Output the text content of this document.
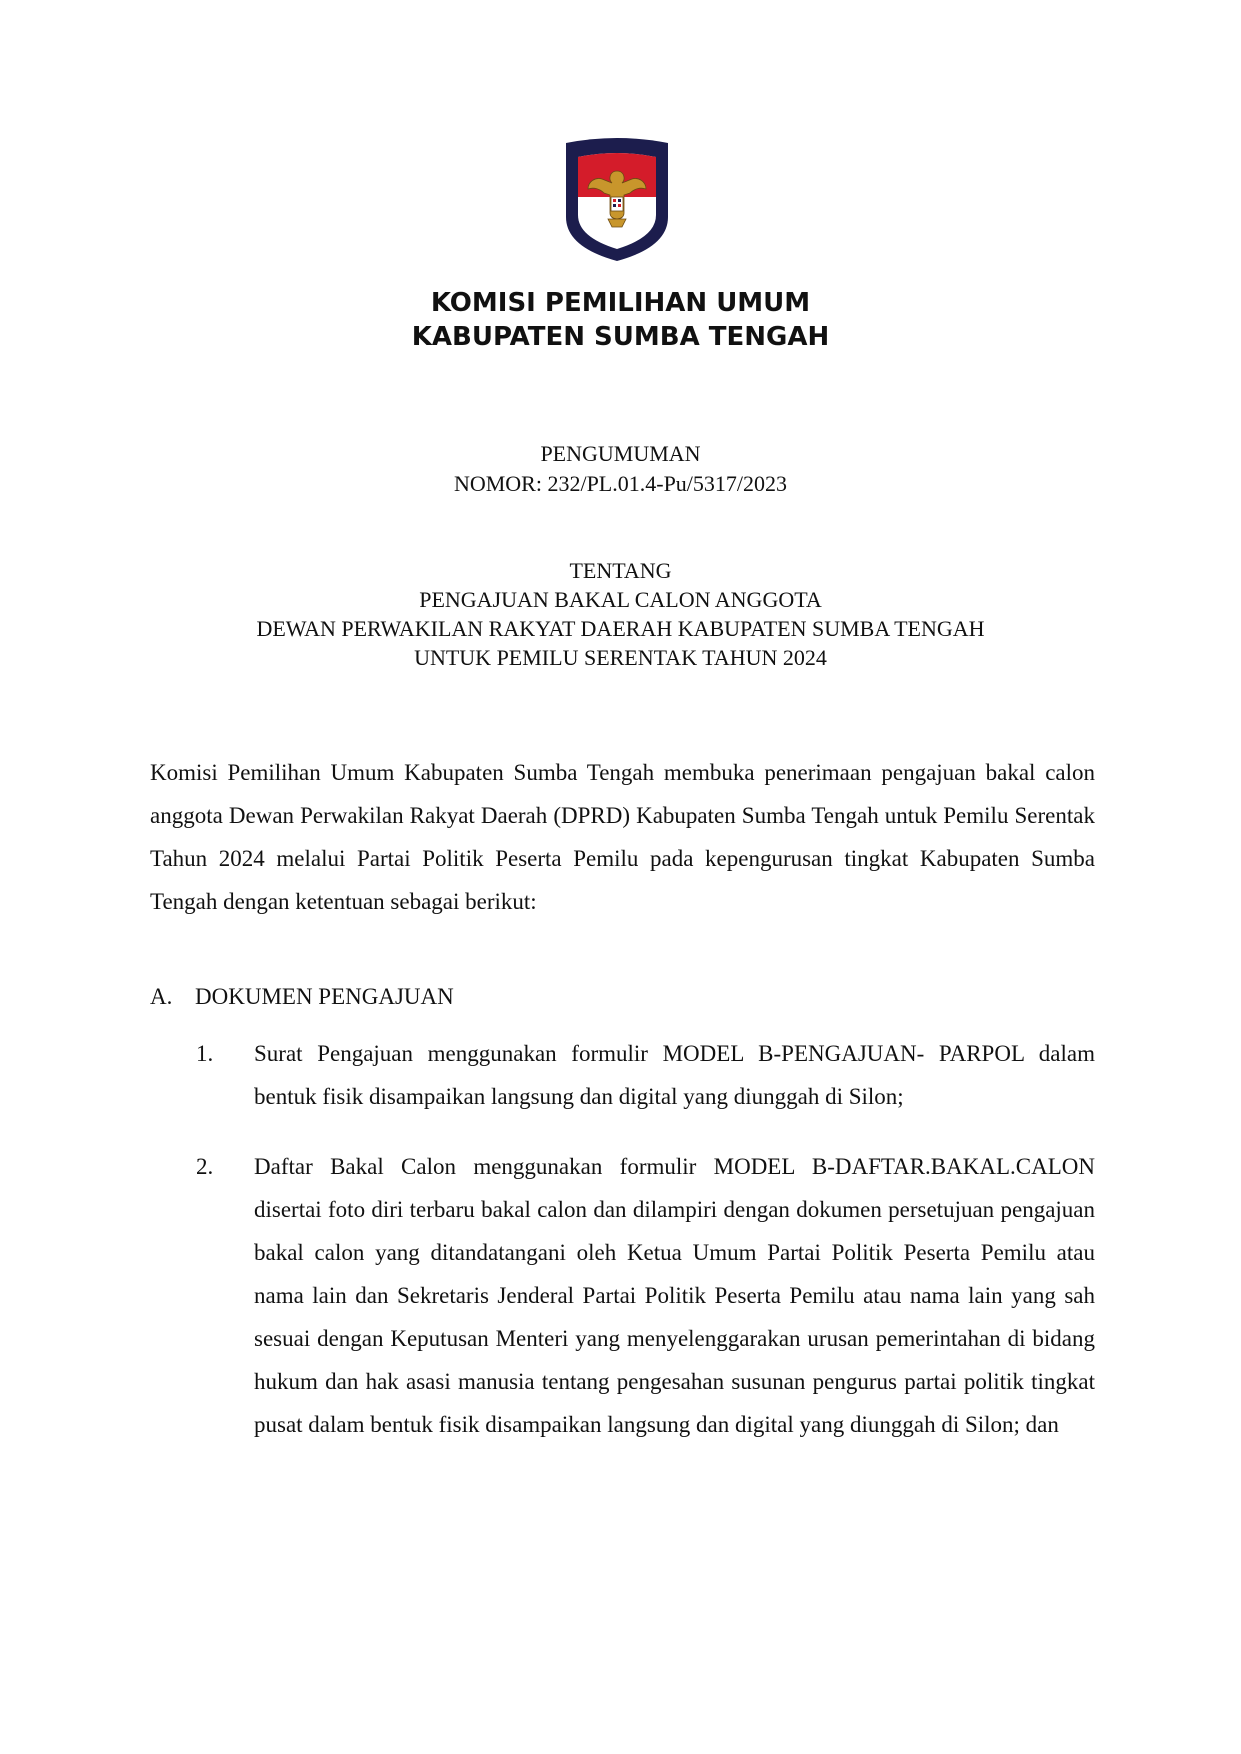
KOMISI PEMILIHAN UMUM
KABUPATEN SUMBA TENGAH
PENGUMUMAN
NOMOR: 232/PL.01.4-Pu/5317/2023
TENTANG
PENGAJUAN BAKAL CALON ANGGOTA
DEWAN PERWAKILAN RAKYAT DAERAH KABUPATEN SUMBA TENGAH
UNTUK PEMILU SERENTAK TAHUN 2024
Komisi Pemilihan Umum Kabupaten Sumba Tengah membuka penerimaan pengajuan bakal calon anggota Dewan Perwakilan Rakyat Daerah (DPRD) Kabupaten Sumba Tengah untuk Pemilu Serentak Tahun 2024 melalui Partai Politik Peserta Pemilu pada kepengurusan tingkat Kabupaten Sumba Tengah dengan ketentuan sebagai berikut:
A. DOKUMEN PENGAJUAN
1.	Surat Pengajuan menggunakan formulir MODEL B-PENGAJUAN- PARPOL dalam bentuk fisik disampaikan langsung dan digital yang diunggah di Silon;
2.	Daftar Bakal Calon menggunakan formulir MODEL B-DAFTAR.BAKAL.CALON disertai foto diri terbaru bakal calon dan dilampiri dengan dokumen persetujuan pengajuan bakal calon yang ditandatangani oleh Ketua Umum Partai Politik Peserta Pemilu atau nama lain dan Sekretaris Jenderal Partai Politik Peserta Pemilu atau nama lain yang sah sesuai dengan Keputusan Menteri yang menyelenggarakan urusan pemerintahan di bidang hukum dan hak asasi manusia tentang pengesahan susunan pengurus partai politik tingkat pusat dalam bentuk fisik disampaikan langsung dan digital yang diunggah di Silon; dan
